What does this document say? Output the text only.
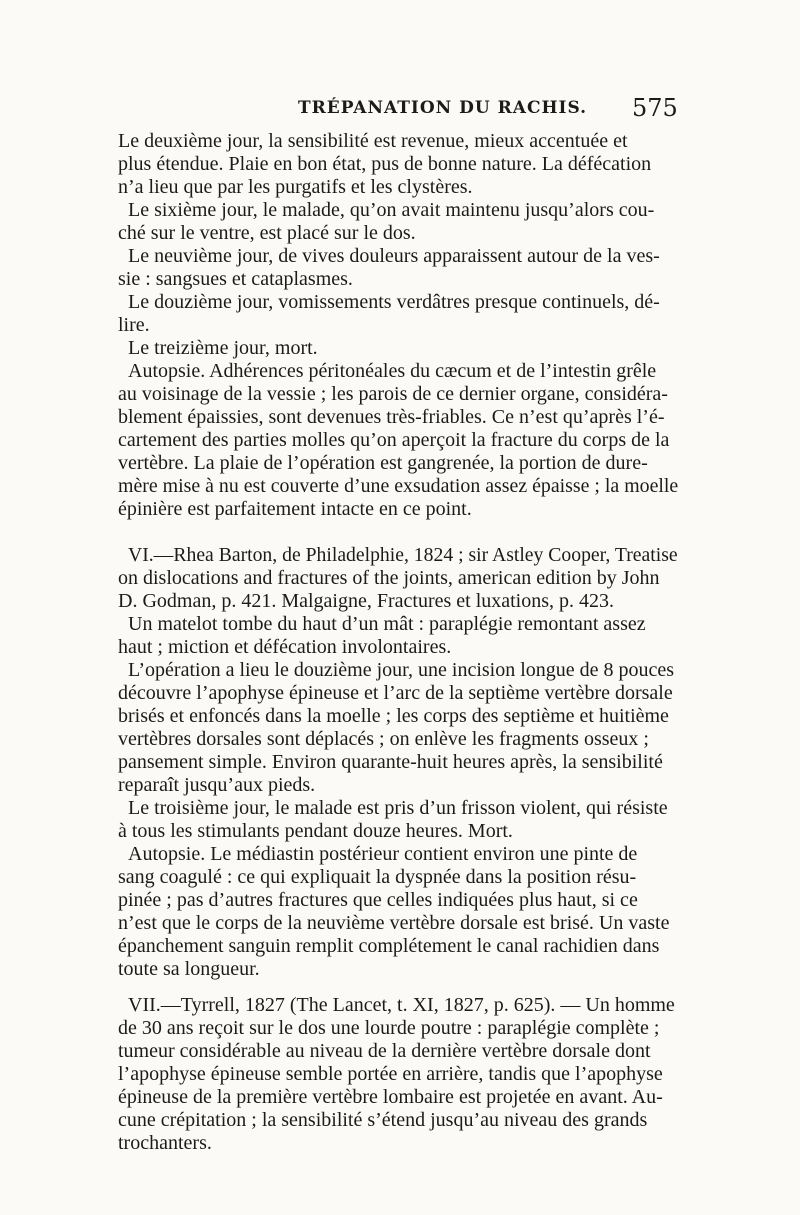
TRÉPANATION DU RACHIS. 575
Le deuxième jour, la sensibilité est revenue, mieux accentuée et
plus étendue. Plaie en bon état, pus de bonne nature. La défécation
n’a lieu que par les purgatifs et les clystères.
Le sixième jour, le malade, qu’on avait maintenu jusqu’alors cou-
ché sur le ventre, est placé sur le dos.
Le neuvième jour, de vives douleurs apparaissent autour de la ves-
sie : sangsues et cataplasmes.
Le douzième jour, vomissements verdâtres presque continuels, dé-
lire.
Le treizième jour, mort.
Autopsie. Adhérences péritonéales du cæcum et de l’intestin grêle
au voisinage de la vessie ; les parois de ce dernier organe, considéra-
blement épaissies, sont devenues très-friables. Ce n’est qu’après l’é-
cartement des parties molles qu’on aperçoit la fracture du corps de la
vertèbre. La plaie de l’opération est gangrenée, la portion de dure-
mère mise à nu est couverte d’une exsudation assez épaisse ; la moelle
épinière est parfaitement intacte en ce point.
VI.—Rhea Barton, de Philadelphie, 1824 ; sir Astley Cooper, Treatise
on dislocations and fractures of the joints, american edition by John
D. Godman, p. 421. Malgaigne, Fractures et luxations, p. 423.
Un matelot tombe du haut d’un mât : paraplégie remontant assez
haut ; miction et défécation involontaires.
L’opération a lieu le douzième jour, une incision longue de 8 pouces
découvre l’apophyse épineuse et l’arc de la septième vertèbre dorsale
brisés et enfoncés dans la moelle ; les corps des septième et huitième
vertèbres dorsales sont déplacés ; on enlève les fragments osseux ;
pansement simple. Environ quarante-huit heures après, la sensibilité
reparaît jusqu’aux pieds.
Le troisième jour, le malade est pris d’un frisson violent, qui résiste
à tous les stimulants pendant douze heures. Mort.
Autopsie. Le médiastin postérieur contient environ une pinte de
sang coagulé : ce qui expliquait la dyspnée dans la position résu-
pinée ; pas d’autres fractures que celles indiquées plus haut, si ce
n’est que le corps de la neuvième vertèbre dorsale est brisé. Un vaste
épanchement sanguin remplit complétement le canal rachidien dans
toute sa longueur.
VII.—Tyrrell, 1827 (The Lancet, t. XI, 1827, p. 625). — Un homme
de 30 ans reçoit sur le dos une lourde poutre : paraplégie complète ;
tumeur considérable au niveau de la dernière vertèbre dorsale dont
l’apophyse épineuse semble portée en arrière, tandis que l’apophyse
épineuse de la première vertèbre lombaire est projetée en avant. Au-
cune crépitation ; la sensibilité s’étend jusqu’au niveau des grands
trochanters.
